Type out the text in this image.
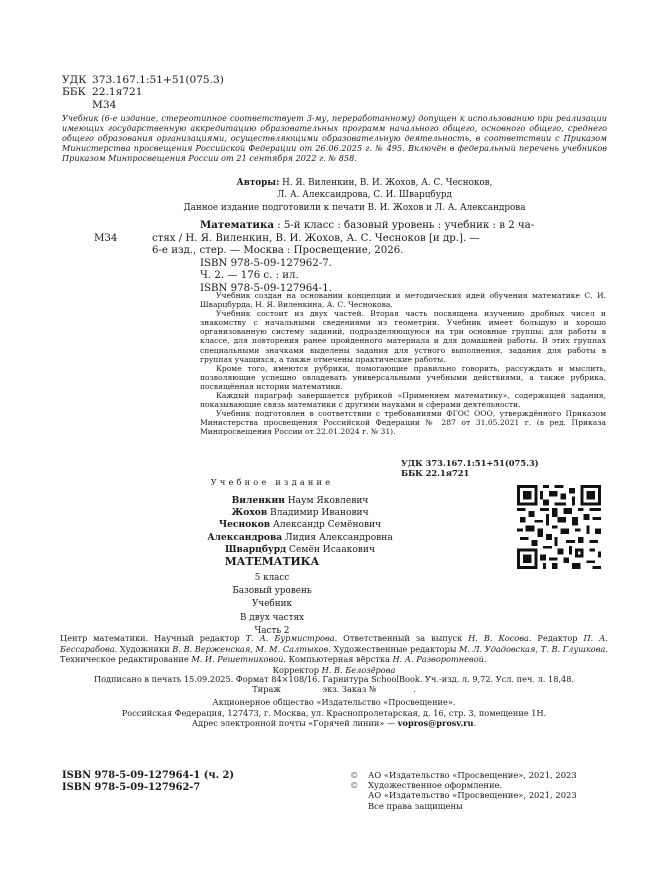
УДК 373.167.1:51+51(075.3)
ББК 22.1я721
М34
Учебник (6-е издание, стереотипное соответствует 3-му, переработанному) допущен к использованию при реализации имеющих государственную аккредитацию образовательных программ начального общего, основного общего, среднего общего образования организациями, осуществляющими образовательную деятельность, в соответствии с Приказом Министерства просвещения Российской Федерации от 26.06.2025 г. № 495. Включён в федеральный перечень учебников Приказом Минпросвещения России от 21 сентября 2022 г. № 858.
Авторы: Н. Я. Виленкин, В. И. Жохов, А. С. Чесноков,
Л. А. Александрова, С. И. Шварцбурд
Данное издание подготовили к печати В. И. Жохов и Л. А. Александрова
Математика : 5-й класс : базовый уровень : учебник : в 2 ча-
М34	стях / Н. Я. Виленкин, В. И. Жохов, А. С. Чесноков [и др.]. —
6-е изд., стер. — Москва : Просвещение, 2026.
ISBN 978-5-09-127962-7.
Ч. 2. — 176 с. : ил.
ISBN 978-5-09-127964-1.

Учебник создан на основании концепции и методических идей обучения математике С. И. Шварцбурда, Н. Я. Виленкина, А. С. Чеснокова.

Учебник состоит из двух частей. Вторая часть посвящена изучению дробных чисел и знакомству с начальными сведениями из геометрии. Учебник имеет большую и хорошо организованную систему заданий, подразделяющуюся на три основные группы: для работы в классе, для повторения ранее пройденного материала и для домашней работы. В этих группах специальными значками выделены задания для устного выполнения, задания для работы в группах учащихся, а также отмечены практические работы.

Кроме того, имеются рубрики, помогающие правильно говорить, рассуждать и мыслить, позволяющие успешно овладевать универсальными учебными действиями, а также рубрика, посвящённая истории математики.

Каждый параграф завершается рубрикой «Применяем математику», содержащей задания, показывающие связь математики с другими науками и сферами деятельности.

Учебник подготовлен в соответствии с требованиями ФГОС ООО, утверждённого Приказом Министерства просвещения Российской Федерации № 287 от 31.05.2021 г. (в ред. Приказа Минпросвещения России от 22.01.2024 г. № 31).

УДК 373.167.1:51+51(075.3)
ББК 22.1я721
Учебное издание
Виленкин Наум Яковлевич
Жохов Владимир Иванович
Чесноков Александр Семёнович
Александрова Лидия Александровна
Шварцбурд Семён Исаакович
МАТЕМАТИКА
5 класс
Базовый уровень
Учебник
В двух частях
Часть 2
Центр математики. Научный редактор Т. А. Бурмистрова. Ответственный за выпуск Н. В. Косова. Редактор П. А. Бессарабова. Художники В. В. Верженская, М. М. Салтыков. Художественные редакторы М. Л. Удадовская, Т. В. Глушкова. Техническое редактирование М. И. Решетниковой. Компьютерная вёрстка Н. А. Разворотневой.
Корректор Н. В. Белозёрова
Подписано в печать 15.09.2025. Формат 84×108/16. Гарнитура SchoolBook. Уч.-изд. л. 9,72. Усл. печ. л. 18,48.
Тираж                экз. Заказ №              .
Акционерное общество «Издательство «Просвещение».
Российская Федерация, 127473, г. Москва, ул. Краснопролетарская, д. 16, стр. 3, помещение 1Н.
Адрес электронной почты «Горячей линии» — vopros@prosv.ru.
ISBN 978-5-09-127964-1 (ч. 2)
ISBN 978-5-09-127962-7
©	АО «Издательство «Просвещение», 2021, 2023
©	Художественное оформление.
АО «Издательство «Просвещение», 2021, 2023
Все права защищены
